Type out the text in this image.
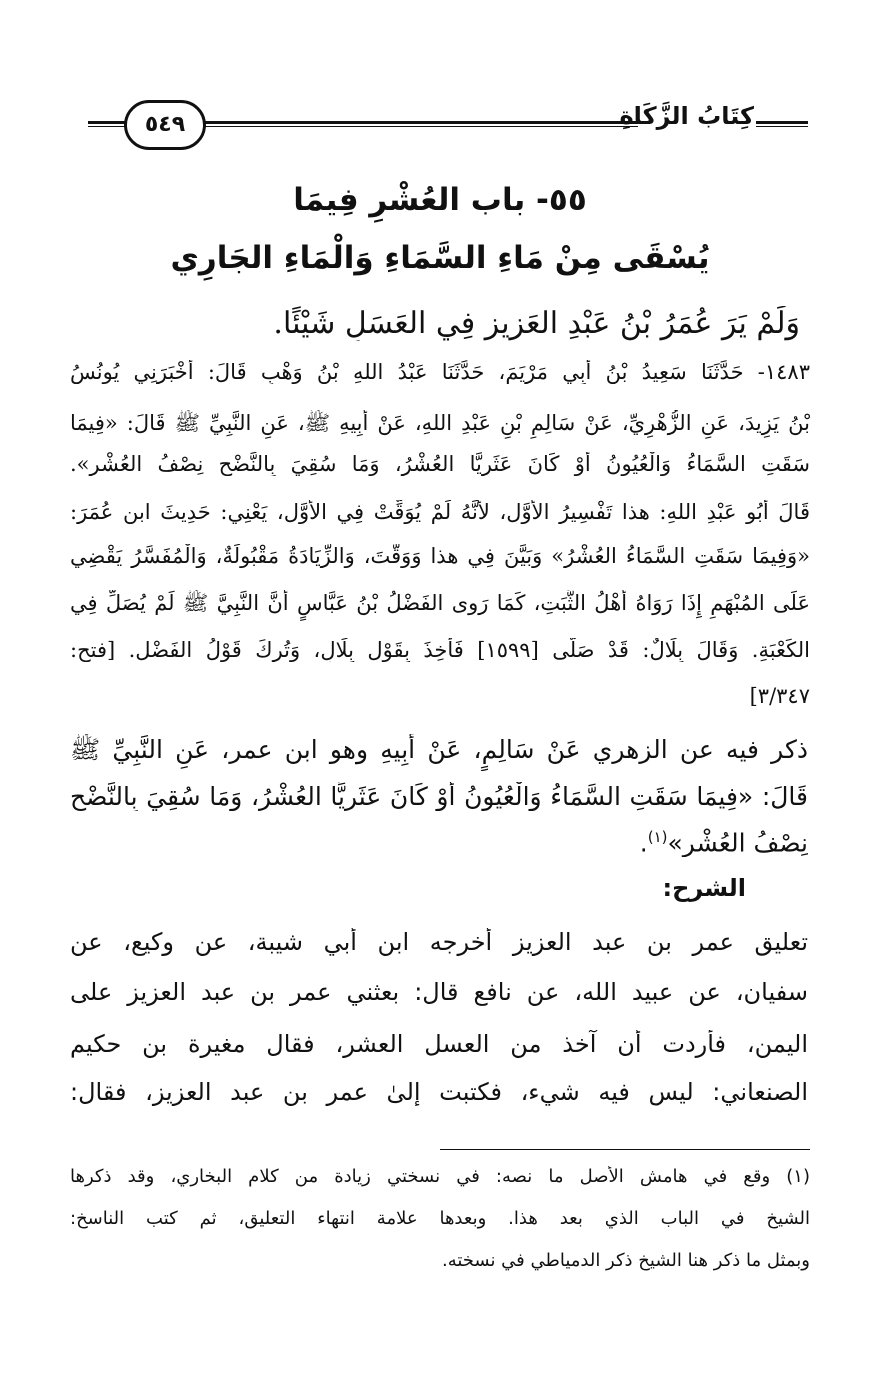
٥٤٩	كِتَابُ الزَّكَاةِ
٥٥- باب العُشْرِ فِيمَا
يُسْقَى مِنْ مَاءِ السَّمَاءِ وَالْمَاءِ الجَارِي
وَلَمْ يَرَ عُمَرُ بْنُ عَبْدِ العَزِيزِ فِي العَسَلِ شَيْئًا.
١٤٨٣- حَدَّثَنَا سَعِيدُ بْنُ أَبِي مَرْيَمَ، حَدَّثَنَا عَبْدُ اللهِ بْنُ وَهْبٍ قَالَ: أَخْبَرَنِي يُونُسُ
بْنُ يَزِيدَ، عَنِ الزُّهْرِيِّ، عَنْ سَالِمِ بْنِ عَبْدِ اللهِ، عَنْ أَبِيهِ ﷺ، عَنِ النَّبِيِّ ﷺ قَالَ: «فِيمَا
سَقَتِ السَّمَاءُ وَالْعُيُونُ أَوْ كَانَ عَثَرِيًّا العُشْرُ، وَمَا سُقِيَ بِالنَّضْحِ نِصْفُ العُشْرِ».
قَالَ أَبُو عَبْدِ اللهِ: هذا تَفْسِيرُ الأَوَّلِ، لأَنَّهُ لَمْ يُوَقِّتْ فِي الأَوَّلِ، يَعْنِي: حَدِيثَ ابن عُمَرَ:
«وَفِيمَا سَقَتِ السَّمَاءُ العُشْرُ» وَبَيَّنَ فِي هذا وَوَقَّتَ، وَالزِّيَادَةُ مَقْبُولَةٌ، وَالْمُفَسَّرُ يَقْضِي
عَلَى المُبْهَمِ إِذَا رَوَاهُ أَهْلُ الثَّبَتِ، كَمَا رَوى الفَضْلُ بْنُ عَبَّاسٍ أَنَّ النَّبِيَّ ﷺ لَمْ يُصَلِّ فِي
الكَعْبَةِ. وَقَالَ بِلَالٌ: قَدْ صَلَّى [١٥٩٩] فَأُخِذَ بِقَوْلِ بِلَالٍ، وَتُرِكَ قَوْلُ الفَضْلِ. [فتح:
٣/٣٤٧]
ذكر فيه عن الزهري عَنْ سَالِمٍ، عَنْ أَبِيهِ وهو ابن عمر، عَنِ النَّبِيِّ ﷺ
قَالَ: «فِيمَا سَقَتِ السَّمَاءُ وَالْعُيُونُ أَوْ كَانَ عَثَرِيًّا العُشْرُ، وَمَا سُقِيَ بِالنَّضْحِ
نِصْفُ العُشْرِ»$^{(١)}$.
الشرح:
تعليق عمر بن عبد العزيز أخرجه ابن أبي شيبة، عن وكيع، عن
سفيان، عن عبيد الله، عن نافع قال: بعثني عمر بن عبد العزيز على
اليمن، فأردت أن آخذ من العسل العشر، فقال مغيرة بن حكيم
الصنعاني: ليس فيه شيء، فكتبت إلىٰ عمر بن عبد العزيز، فقال:
(١) وقع في هامش الأصل ما نصه: في نسختي زيادة من كلام البخاري، وقد ذكرها
الشيخ في الباب الذي بعد هذا. وبعدها علامة انتهاء التعليق، ثم كتب الناسخ:
وبمثل ما ذكر هنا الشيخ ذكر الدمياطي في نسخته.
